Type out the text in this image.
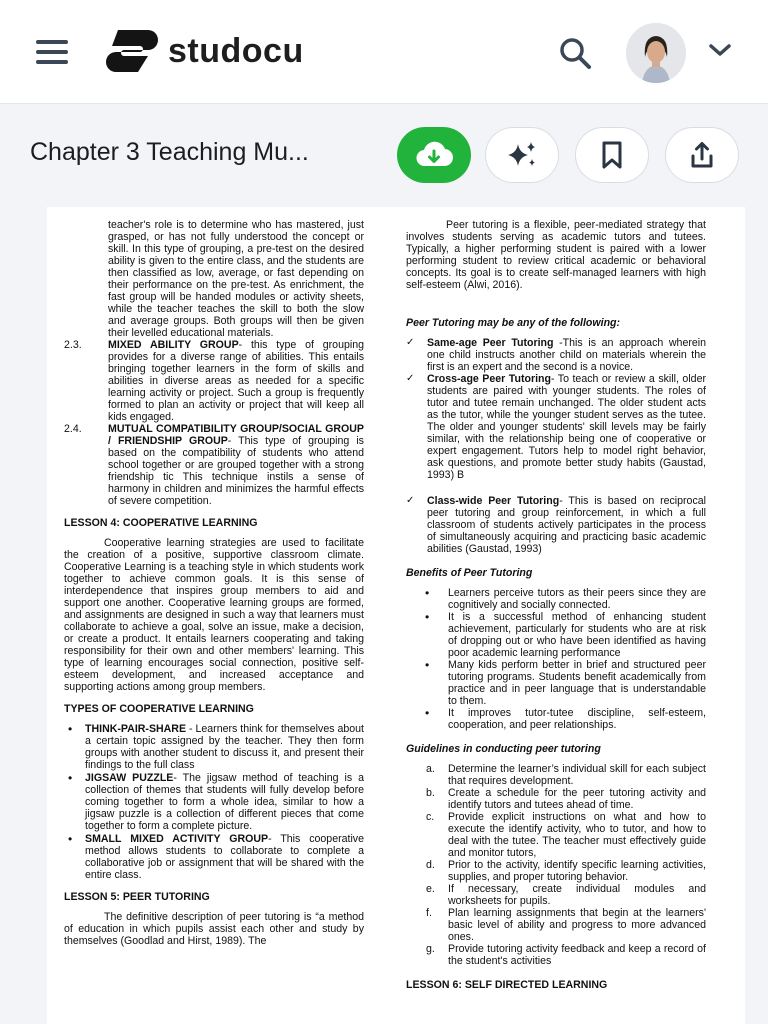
studocu
Chapter 3 Teaching Mu...

teacher's role is to determine who has mastered, just grasped, or has not fully understood the concept or skill. In this type of grouping, a pre-test on the desired ability is given to the entire class, and the students are then classified as low, average, or fast depending on their performance on the pre-test. As enrichment, the fast group will be handed modules or activity sheets, while the teacher teaches the skill to both the slow and average groups. Both groups will then be given their levelled educational materials.

2.3.	MIXED ABILITY GROUP- this type of grouping provides for a diverse range of abilities. This entails bringing together learners in the form of skills and abilities in diverse areas as needed for a specific learning activity or project. Such a group is frequently formed to plan an activity or project that will keep all kids engaged.
2.4.	MUTUAL COMPATIBILITY GROUP/SOCIAL GROUP / FRIENDSHIP GROUP- This type of grouping is based on the compatibility of students who attend school together or are grouped together with a strong friendship tic This technique instils a sense of harmony in children and minimizes the harmful effects of severe competition.
LESSON 4: COOPERATIVE LEARNING

Cooperative learning strategies are used to facilitate the creation of a positive, supportive classroom climate. Cooperative Learning is a teaching style in which students work together to achieve common goals. It is this sense of interdependence that inspires group members to aid and support one another. Cooperative learning groups are formed, and assignments are designed in such a way that learners must collaborate to achieve a goal, solve an issue, make a decision, or create a product. It entails learners cooperating and taking responsibility for their own and other members' learning. This type of learning encourages social connection, positive self- esteem development, and increased acceptance and supporting actions among group members.

TYPES OF COOPERATIVE LEARNING
• THINK-PAIR-SHARE - Learners think for themselves about a certain topic assigned by the teacher. They then form groups with another student to discuss it, and present their findings to the full class
• JIGSAW PUZZLE- The jigsaw method of teaching is a collection of themes that students will fully develop before coming together to form a whole idea, similar to how a jigsaw puzzle is a collection of different pieces that come together to form a complete picture.
• SMALL MIXED ACTIVITY GROUP- This cooperative method allows students to collaborate to complete a collaborative job or assignment that will be shared with the entire class.
LESSON 5: PEER TUTORING

The definitive description of peer tutoring is “a method of education in which pupils assist each other and study by themselves (Goodlad and Hirst, 1989). The

Peer tutoring is a flexible, peer-mediated strategy that involves students serving as academic tutors and tutees. Typically, a higher performing student is paired with a lower performing student to review critical academic or behavioral concepts. Its goal is to create self-managed learners with high self-esteem (Alwi, 2016).

Peer Tutoring may be any of the following:
✓ Same-age Peer Tutoring -This is an approach wherein one child instructs another child on materials wherein the first is an expert and the second is a novice.
✓ Cross-age Peer Tutoring- To teach or review a skill, older students are paired with younger students. The roles of tutor and tutee remain unchanged. The older student acts as the tutor, while the younger student serves as the tutee. The older and younger students' skill levels may be fairly similar, with the relationship being one of cooperative or expert engagement. Tutors help to model right behavior, ask questions, and promote better study habits (Gaustad, 1993) B
✓ Class-wide Peer Tutoring- This is based on reciprocal peer tutoring and group reinforcement, in which a full classroom of students actively participates in the process of simultaneously acquiring and practicing basic academic abilities (Gaustad, 1993)
Benefits of Peer Tutoring
• Learners perceive tutors as their peers since they are cognitively and socially connected.
• It is a successful method of enhancing student achievement, particularly for students who are at risk of dropping out or who have been identified as having poor academic learning performance
• Many kids perform better in brief and structured peer tutoring programs. Students benefit academically from practice and in peer language that is understandable to them.
• It improves tutor-tutee discipline, self-esteem, cooperation, and peer relationships.
Guidelines in conducting peer tutoring
a.	Determine the learner’s individual skill for each subject that requires development.
b.	Create a schedule for the peer tutoring activity and identify tutors and tutees ahead of time.
c.	Provide explicit instructions on what and how to execute the identify activity, who to tutor, and how to deal with the tutee. The teacher must effectively guide and monitor tutors,
d.	Prior to the activity, identify specific learning activities, supplies, and proper tutoring behavior.
e.	If necessary, create individual modules and worksheets for pupils.
f.	Plan learning assignments that begin at the learners' basic level of ability and progress to more advanced ones.
g.	Provide tutoring activity feedback and keep a record of the student's activities
LESSON 6: SELF DIRECTED LEARNING
